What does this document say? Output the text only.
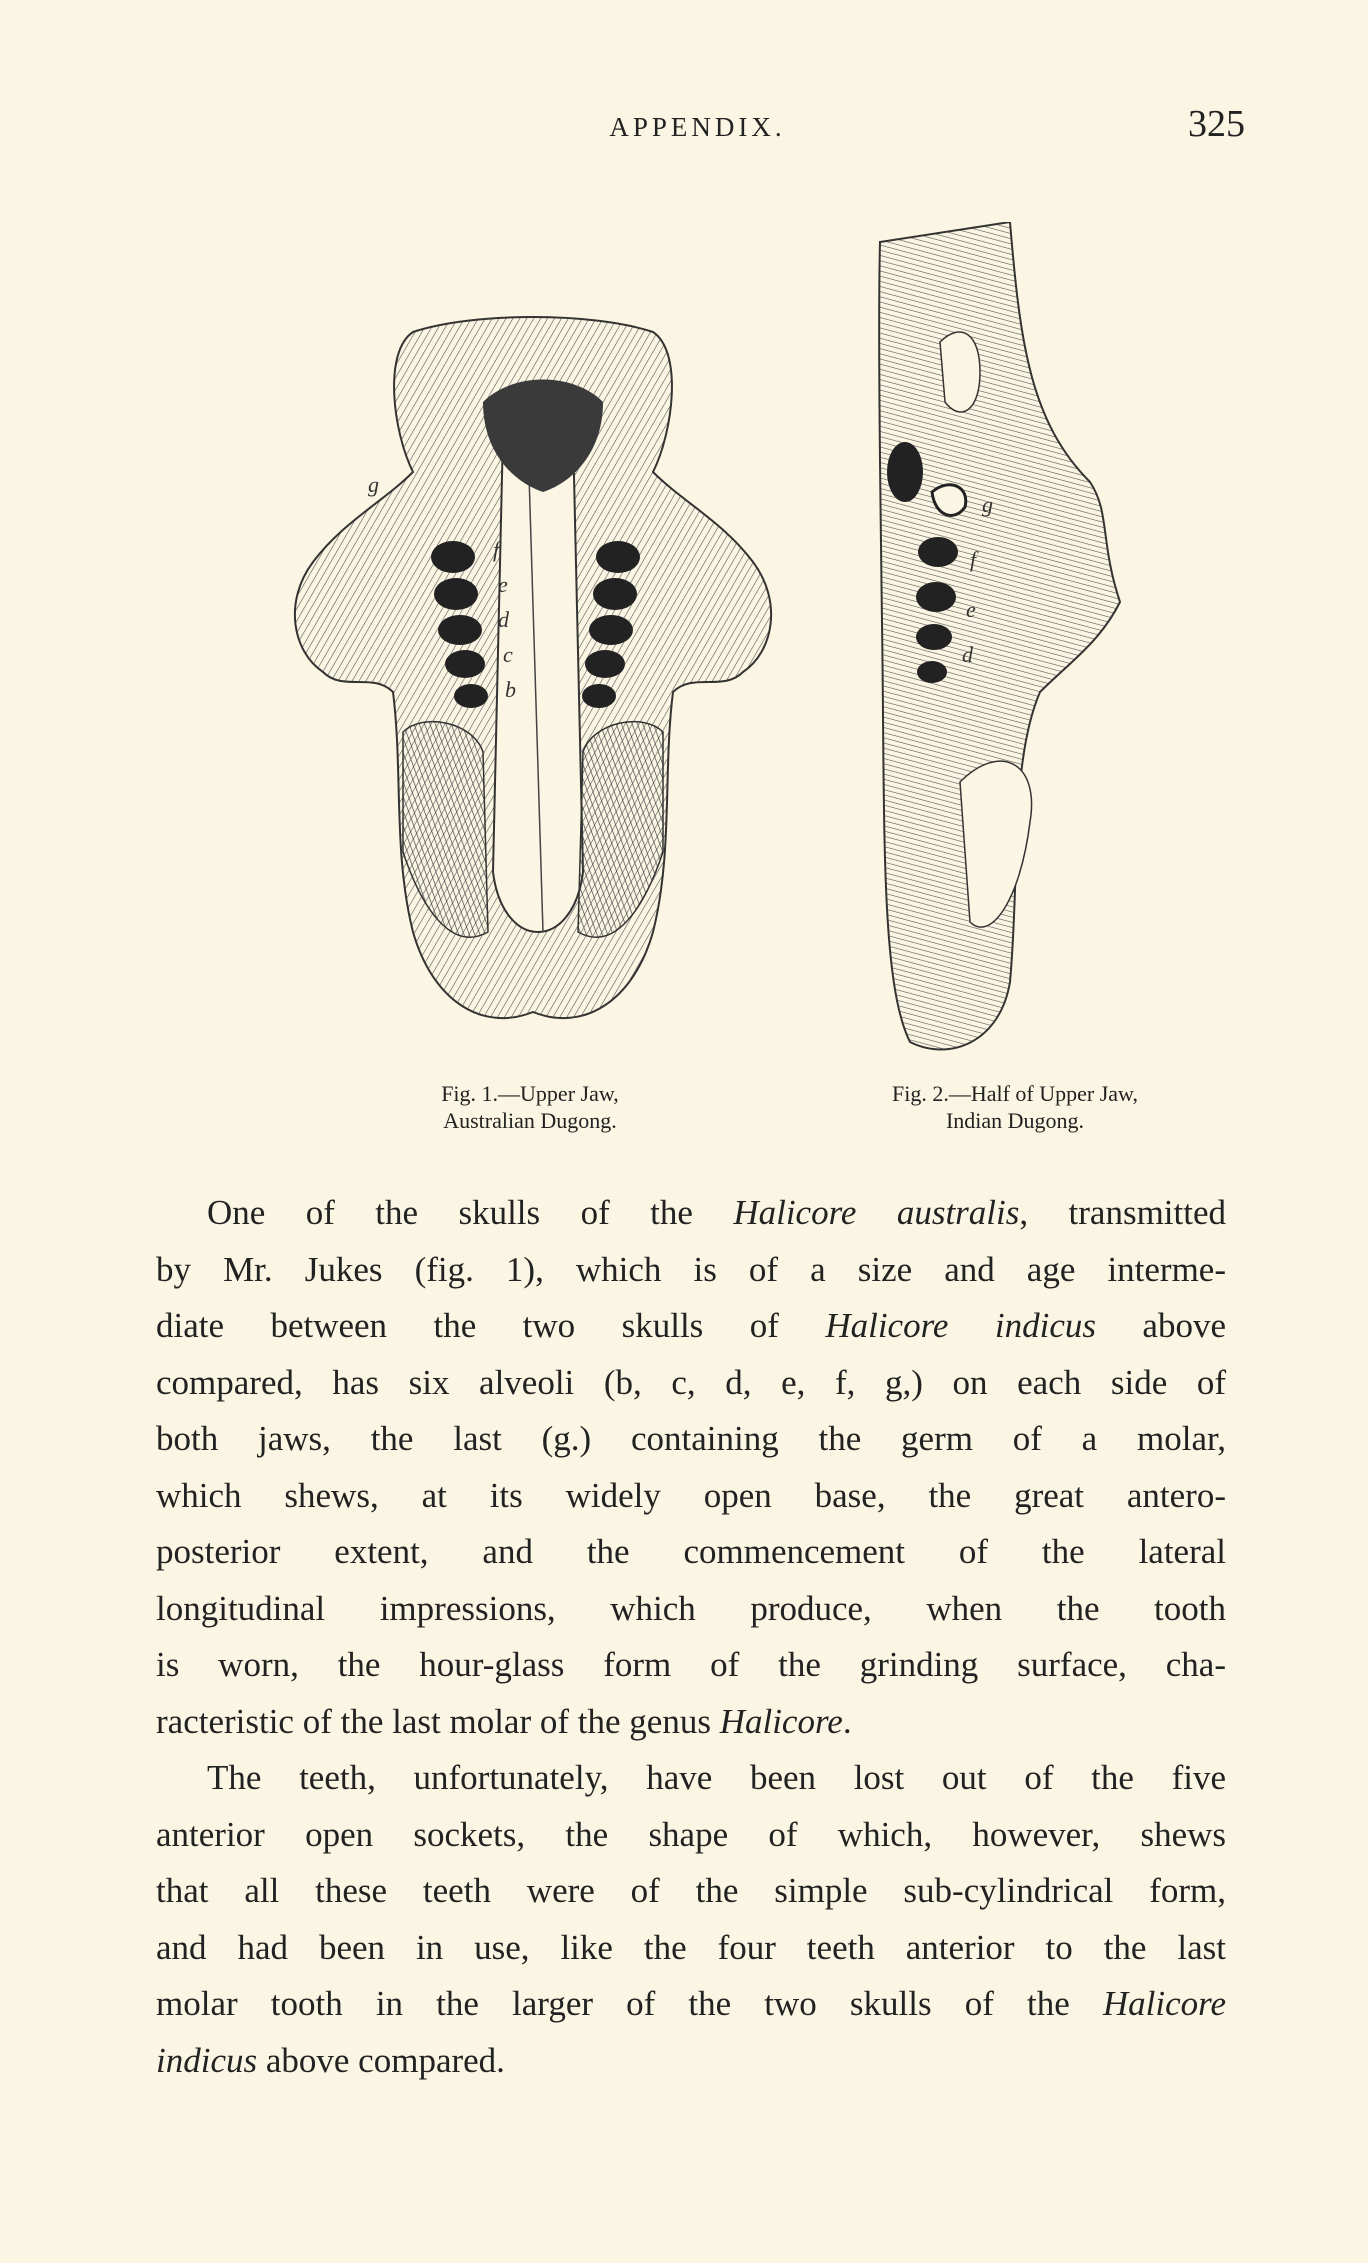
APPENDIX.	325
g
f
e
d
c
b
g
f
e
d
Fig. 1.—Upper Jaw,
Australian Dugong.
Fig. 2.—Half of Upper Jaw,
Indian Dugong.

One of the skulls of the Halicore australis, transmitted
by Mr. Jukes (fig. 1), which is of a size and age interme-
diate between the two skulls of Halicore indicus above
compared, has six alveoli (b, c, d, e, f, g,) on each side of
both jaws, the last (g.) containing the germ of a molar,
which shews, at its widely open base, the great antero-
posterior extent, and the commencement of the lateral
longitudinal impressions, which produce, when the tooth
is worn, the hour-glass form of the grinding surface, cha-
racteristic of the last molar of the genus Halicore.

The teeth, unfortunately, have been lost out of the five
anterior open sockets, the shape of which, however, shews
that all these teeth were of the simple sub-cylindrical form,
and had been in use, like the four teeth anterior to the last
molar tooth in the larger of the two skulls of the Halicore
indicus above compared.
